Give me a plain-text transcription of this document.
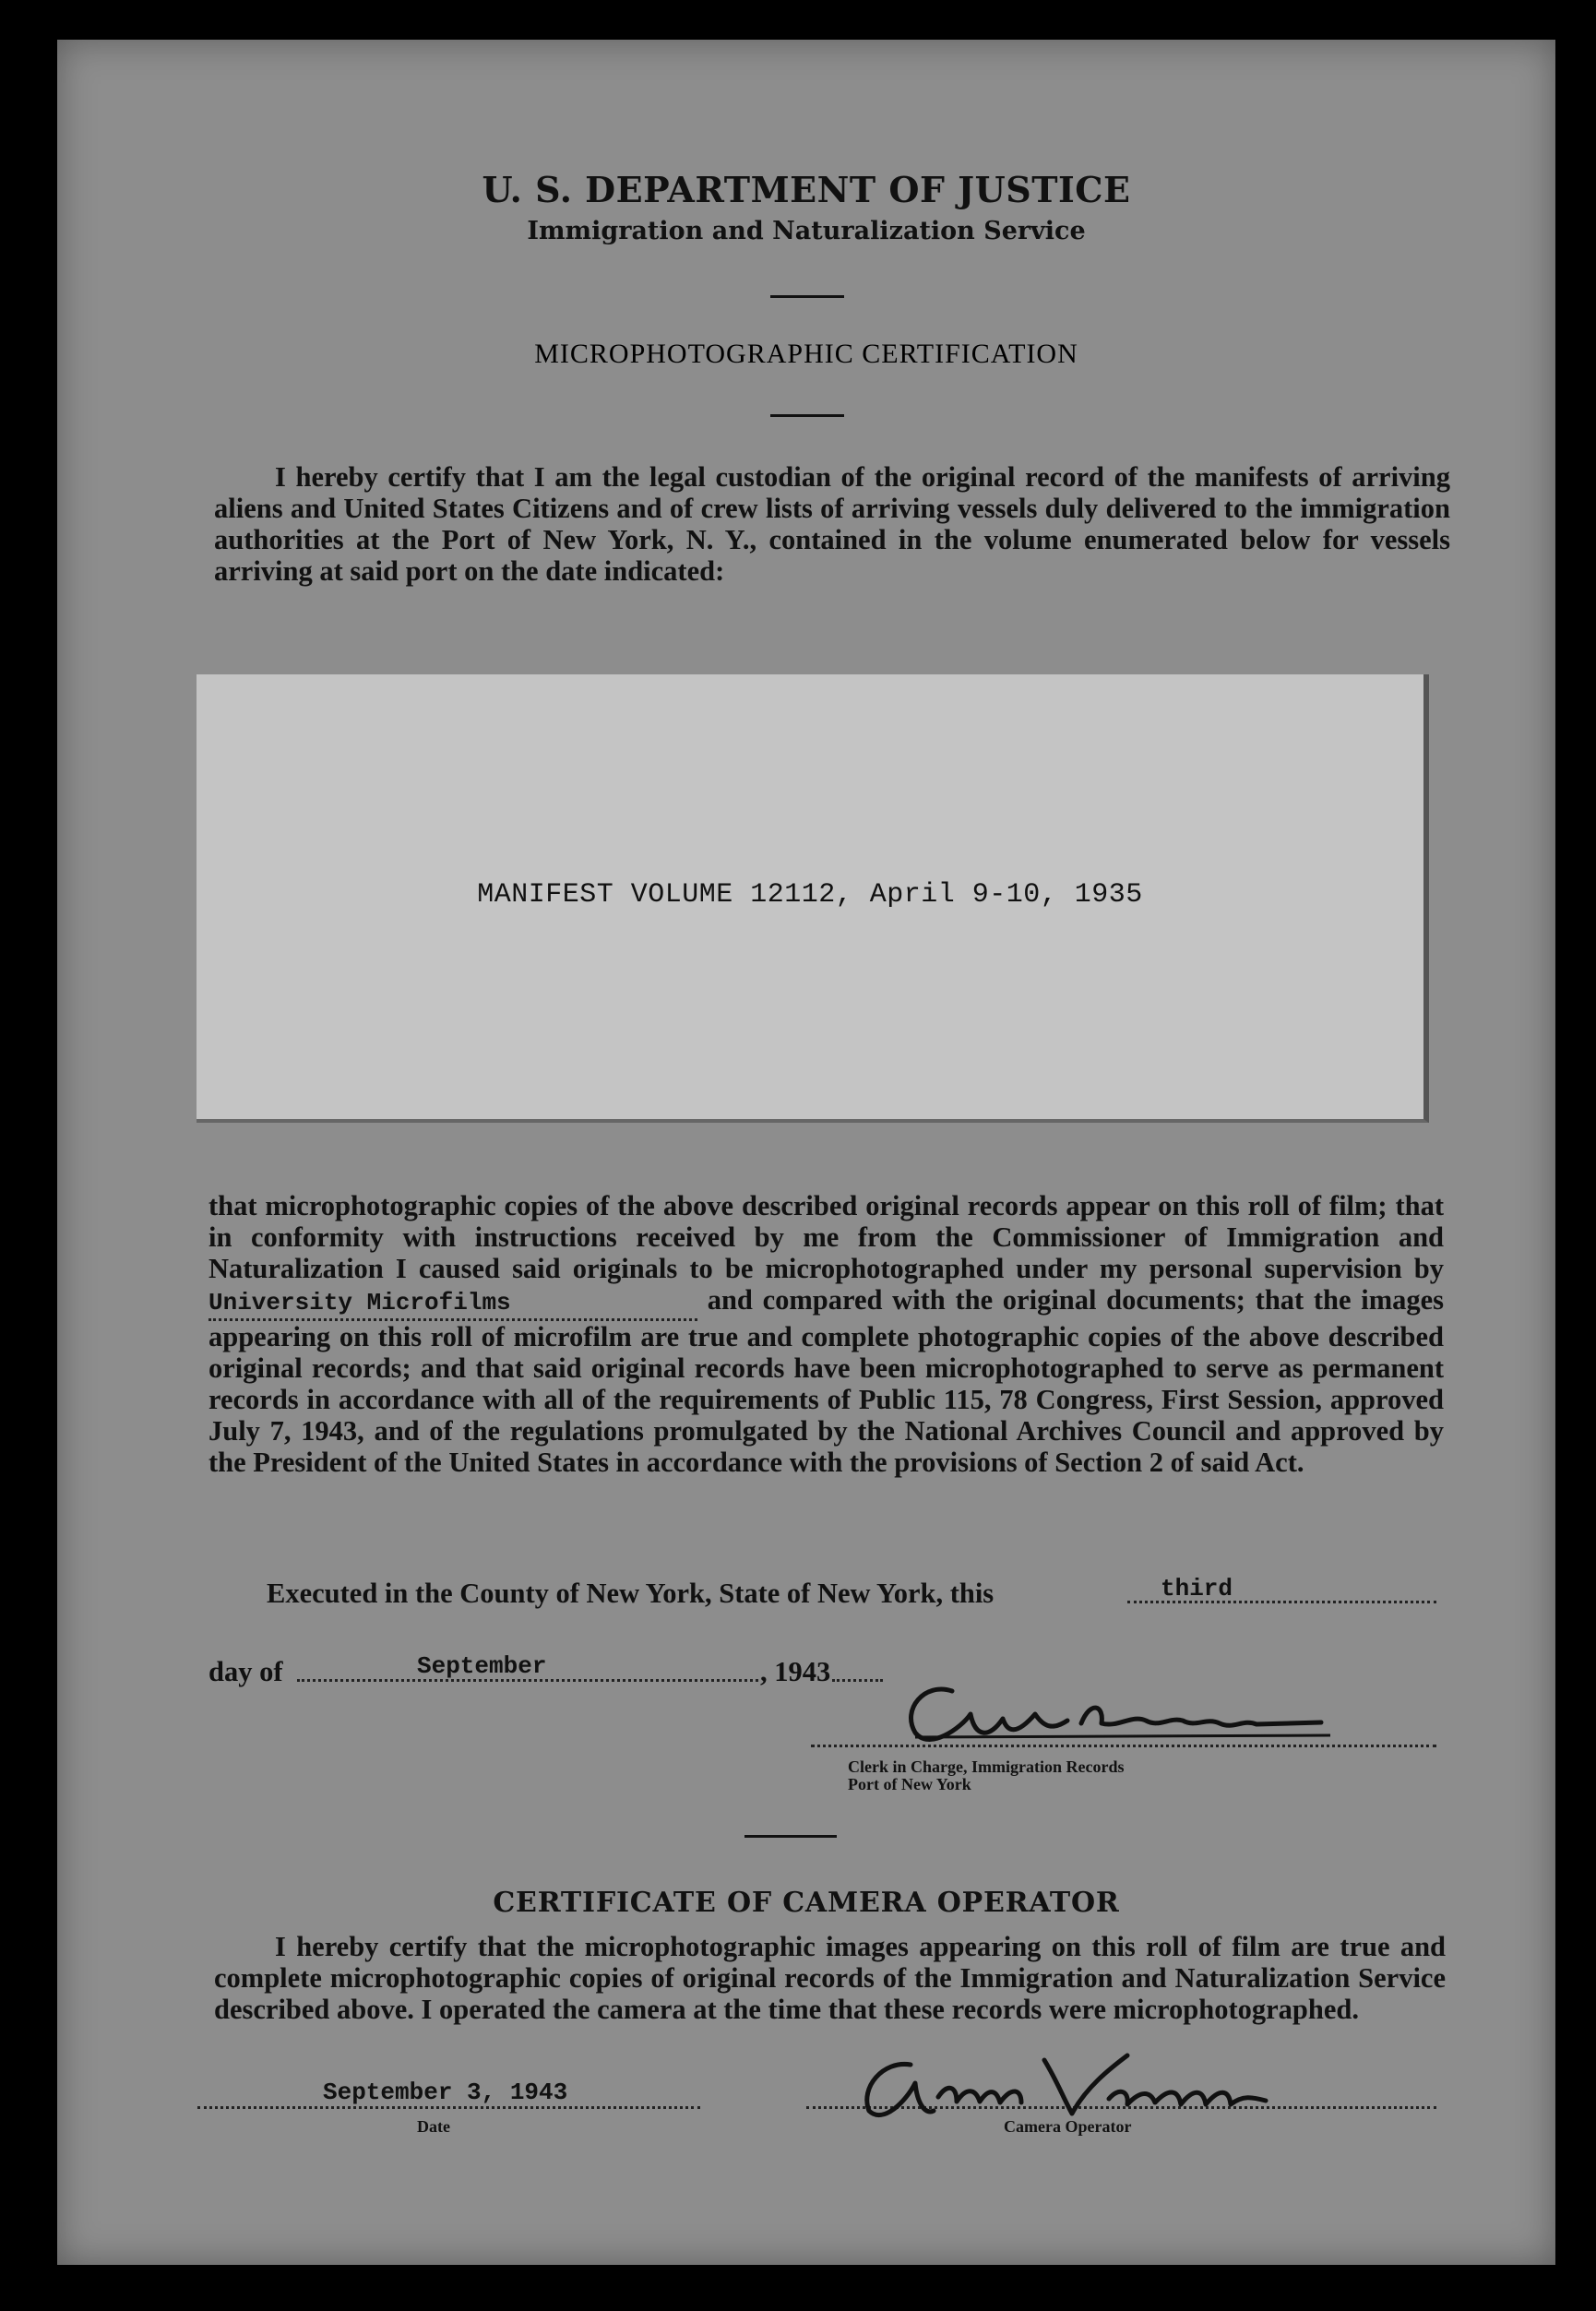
U. S. DEPARTMENT OF JUSTICE
Immigration and Naturalization Service
MICROPHOTOGRAPHIC CERTIFICATION
I hereby certify that I am the legal custodian of the original record of the manifests of arriving aliens and United States Citizens and of crew lists of arriving vessels duly delivered to the immigration authorities at the Port of New York, N. Y., contained in the volume enumerated below for vessels arriving at said port on the date indicated:
MANIFEST VOLUME 12112, April 9-10, 1935
that microphotographic copies of the above described original records appear on this roll of film; that in conformity with instructions received by me from the Commissioner of Immigration and Naturalization I caused said originals to be microphotographed under my personal supervision by University Microfilms	and compared with the original documents; that the images appearing on this roll of microfilm are true and complete photographic copies of the above described original records; and that said original records have been microphotographed to serve as permanent records in accordance with all of the requirements of Public 115, 78 Congress, First Session, approved July 7, 1943, and of the regulations promulgated by the National Archives Council and approved by the President of the United States in accordance with the provisions of Section 2 of said Act.
Executed in the County of New York, State of New York, this	third
day of	September	, 1943
Clerk in Charge, Immigration Records
Port of New York
CERTIFICATE OF CAMERA OPERATOR
I hereby certify that the microphotographic images appearing on this roll of film are true and complete microphotographic copies of original records of the Immigration and Naturalization Service described above. I operated the camera at the time that these records were microphotographed.
September 3, 1943
Date	Camera Operator
